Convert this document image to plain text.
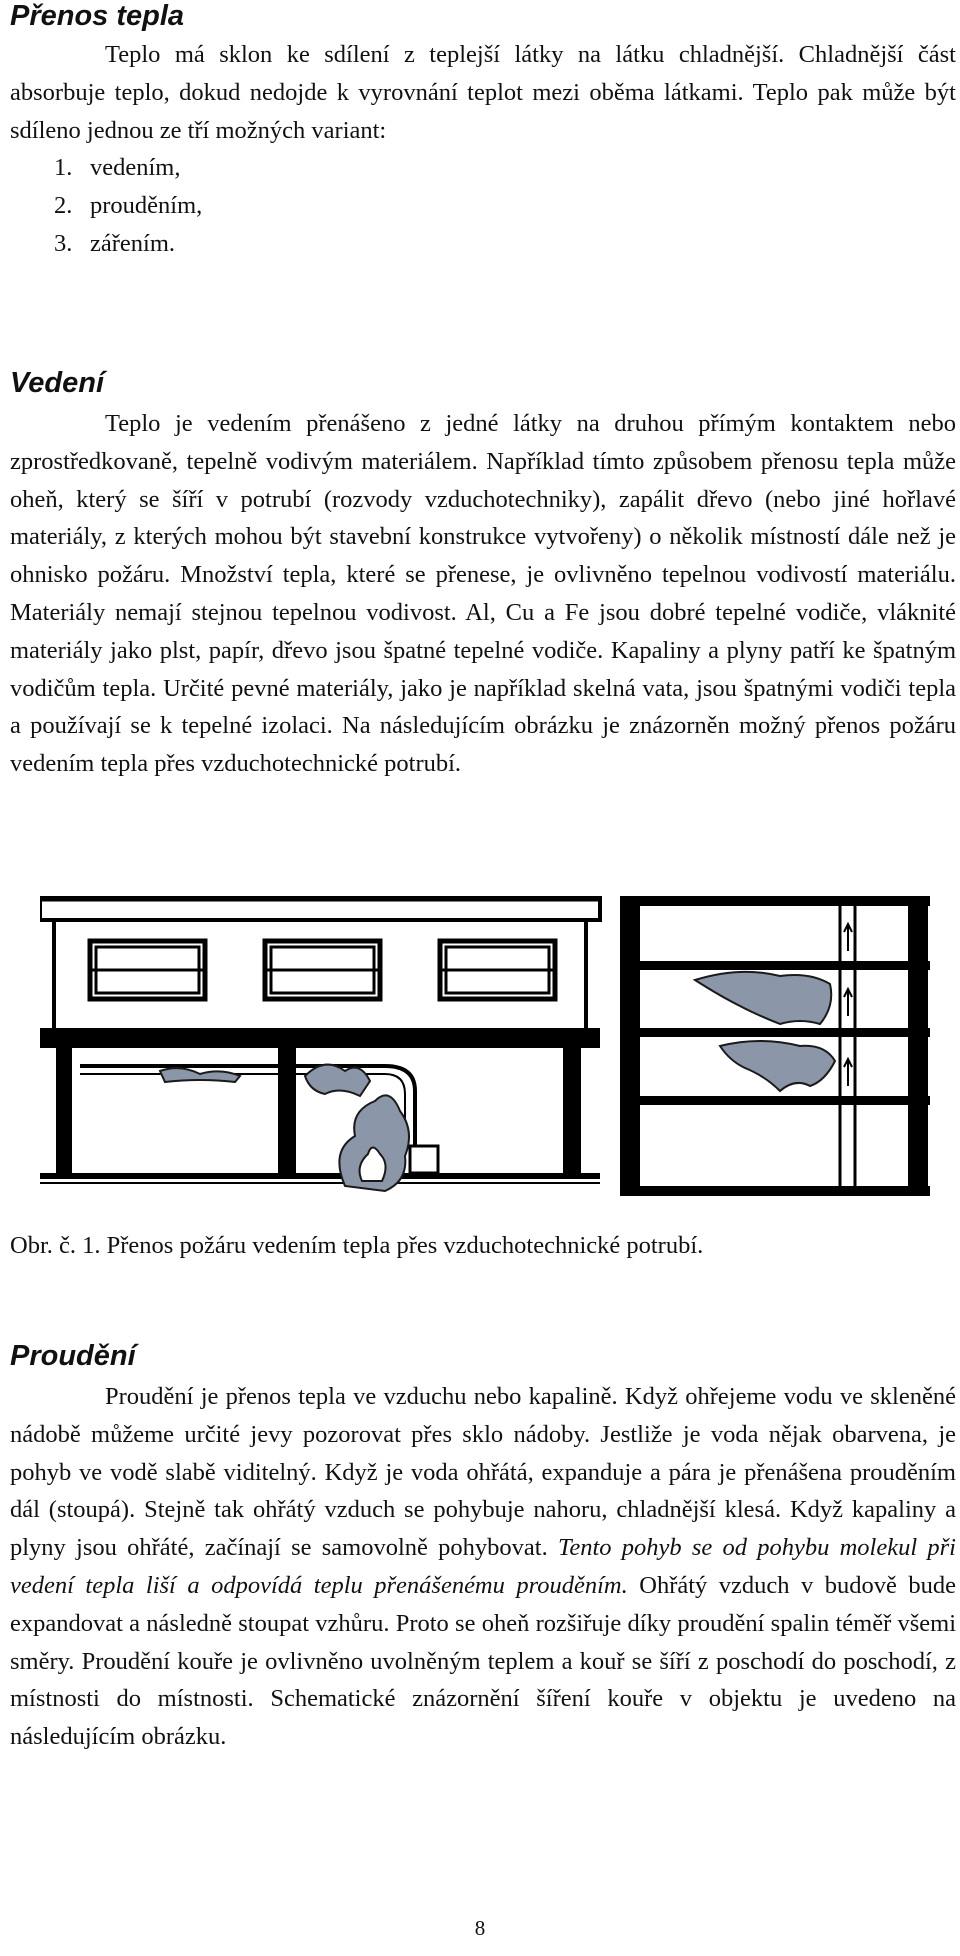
Přenos tepla

Teplo má sklon ke sdílení z teplejší látky na látku chladnější. Chladnější část absorbuje teplo, dokud nedojde k vyrovnání teplot mezi oběma látkami. Teplo pak může být sdíleno jednou ze tří možných variant:

1. vedením,
2. prouděním,
3. zářením.
Vedení

Teplo je vedením přenášeno z jedné látky na druhou přímým kontaktem nebo zprostředkovaně, tepelně vodivým materiálem. Například tímto způsobem přenosu tepla může oheň, který se šíří v potrubí (rozvody vzduchotechniky), zapálit dřevo (nebo jiné hořlavé materiály, z kterých mohou být stavební konstrukce vytvořeny) o několik místností dále než je ohnisko požáru. Množství tepla, které se přenese, je ovlivněno tepelnou vodivostí materiálu. Materiály nemají stejnou tepelnou vodivost. Al, Cu a Fe jsou dobré tepelné vodiče, vláknité materiály jako plst, papír, dřevo jsou špatné tepelné vodiče. Kapaliny a plyny patří ke špatným vodičům tepla. Určité pevné materiály, jako je například skelná vata, jsou špatnými vodiči tepla a používají se k tepelné izolaci. Na následujícím obrázku je znázorněn možný přenos požáru vedením tepla přes vzduchotechnické potrubí.

Obr. č. 1. Přenos požáru vedením tepla přes vzduchotechnické potrubí.
Proudění

Proudění je přenos tepla ve vzduchu nebo kapalině. Když ohřejeme vodu ve skleněné nádobě můžeme určité jevy pozorovat přes sklo nádoby. Jestliže je voda nějak obarvena, je pohyb ve vodě slabě viditelný. Když je voda ohřátá, expanduje a pára je přenášena prouděním dál (stoupá). Stejně tak ohřátý vzduch se pohybuje nahoru, chladnější klesá. Když kapaliny a plyny jsou ohřáté, začínají se samovolně pohybovat. Tento pohyb se od pohybu molekul při vedení tepla liší a odpovídá teplu přenášenému prouděním. Ohřátý vzduch v budově bude expandovat a následně stoupat vzhůru. Proto se oheň rozšiřuje díky proudění spalin téměř všemi směry. Proudění kouře je ovlivněno uvolněným teplem a kouř se šíří z poschodí do poschodí, z místnosti do místnosti. Schematické znázornění šíření kouře v objektu je uvedeno na následujícím obrázku.

8
